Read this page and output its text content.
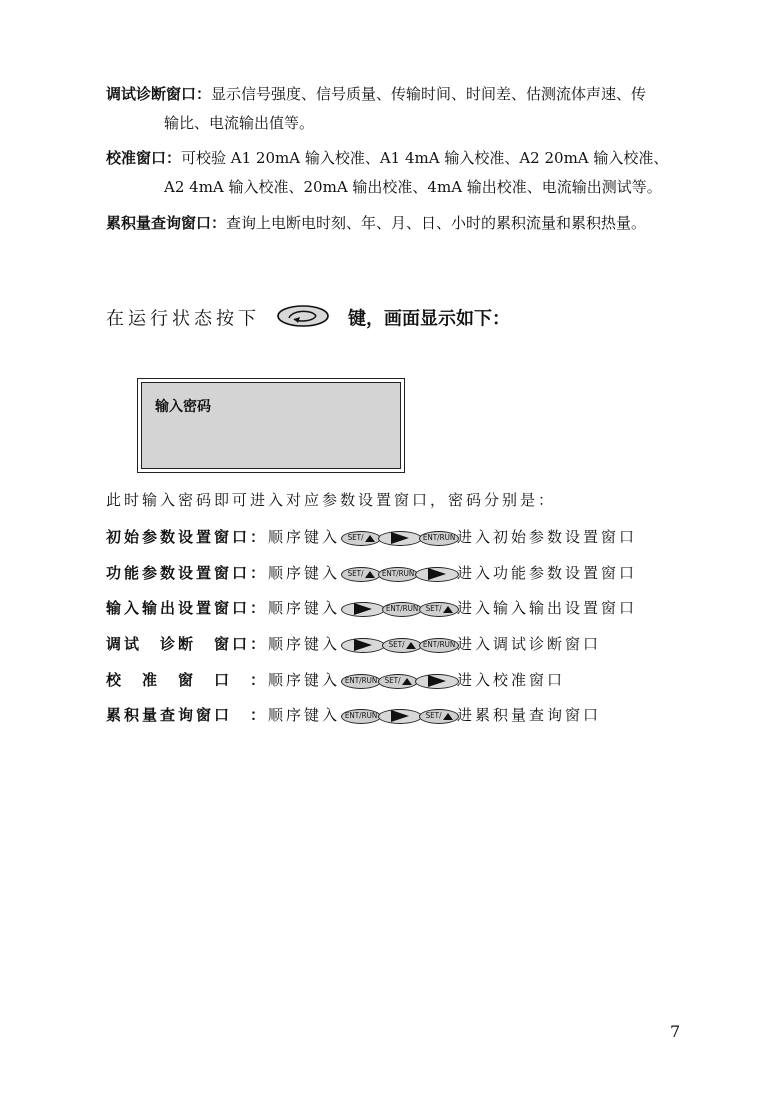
调试诊断窗口：显示信号强度、信号质量、传输时间、时间差、估测流体声速、传
输比、电流输出值等。
校准窗口：可校验 A1 20mA 输入校准、A1 4mA 输入校准、A2 20mA 输入校准、
A2 4mA 输入校准、20mA 输出校准、4mA 输出校准、电流输出测试等。
累积量查询窗口：查询上电断电时刻、年、月、日、小时的累积流量和累积热量。
在运行状态按下	键，画面显示如下：
输入密码
此时输入密码即可进入对应参数设置窗口，密码分别是：
初始参数设置窗口：顺序键入 SET/	ENT/RUN 进入初始参数设置窗口
功能参数设置窗口：顺序键入 SET/	ENT/RUN	进入功能参数设置窗口
输入输出设置窗口：顺序键入	ENT/RUN SET/ 进入输入输出设置窗口
调试　诊断　窗口：顺序键入	SET/	ENT/RUN 进入调试诊断窗口
校　准　窗　口　：顺序键入 ENT/RUN SET/	进入校准窗口
累积量查询窗口　：顺序键入 ENT/RUN	SET/ 进累积量查询窗口
7
